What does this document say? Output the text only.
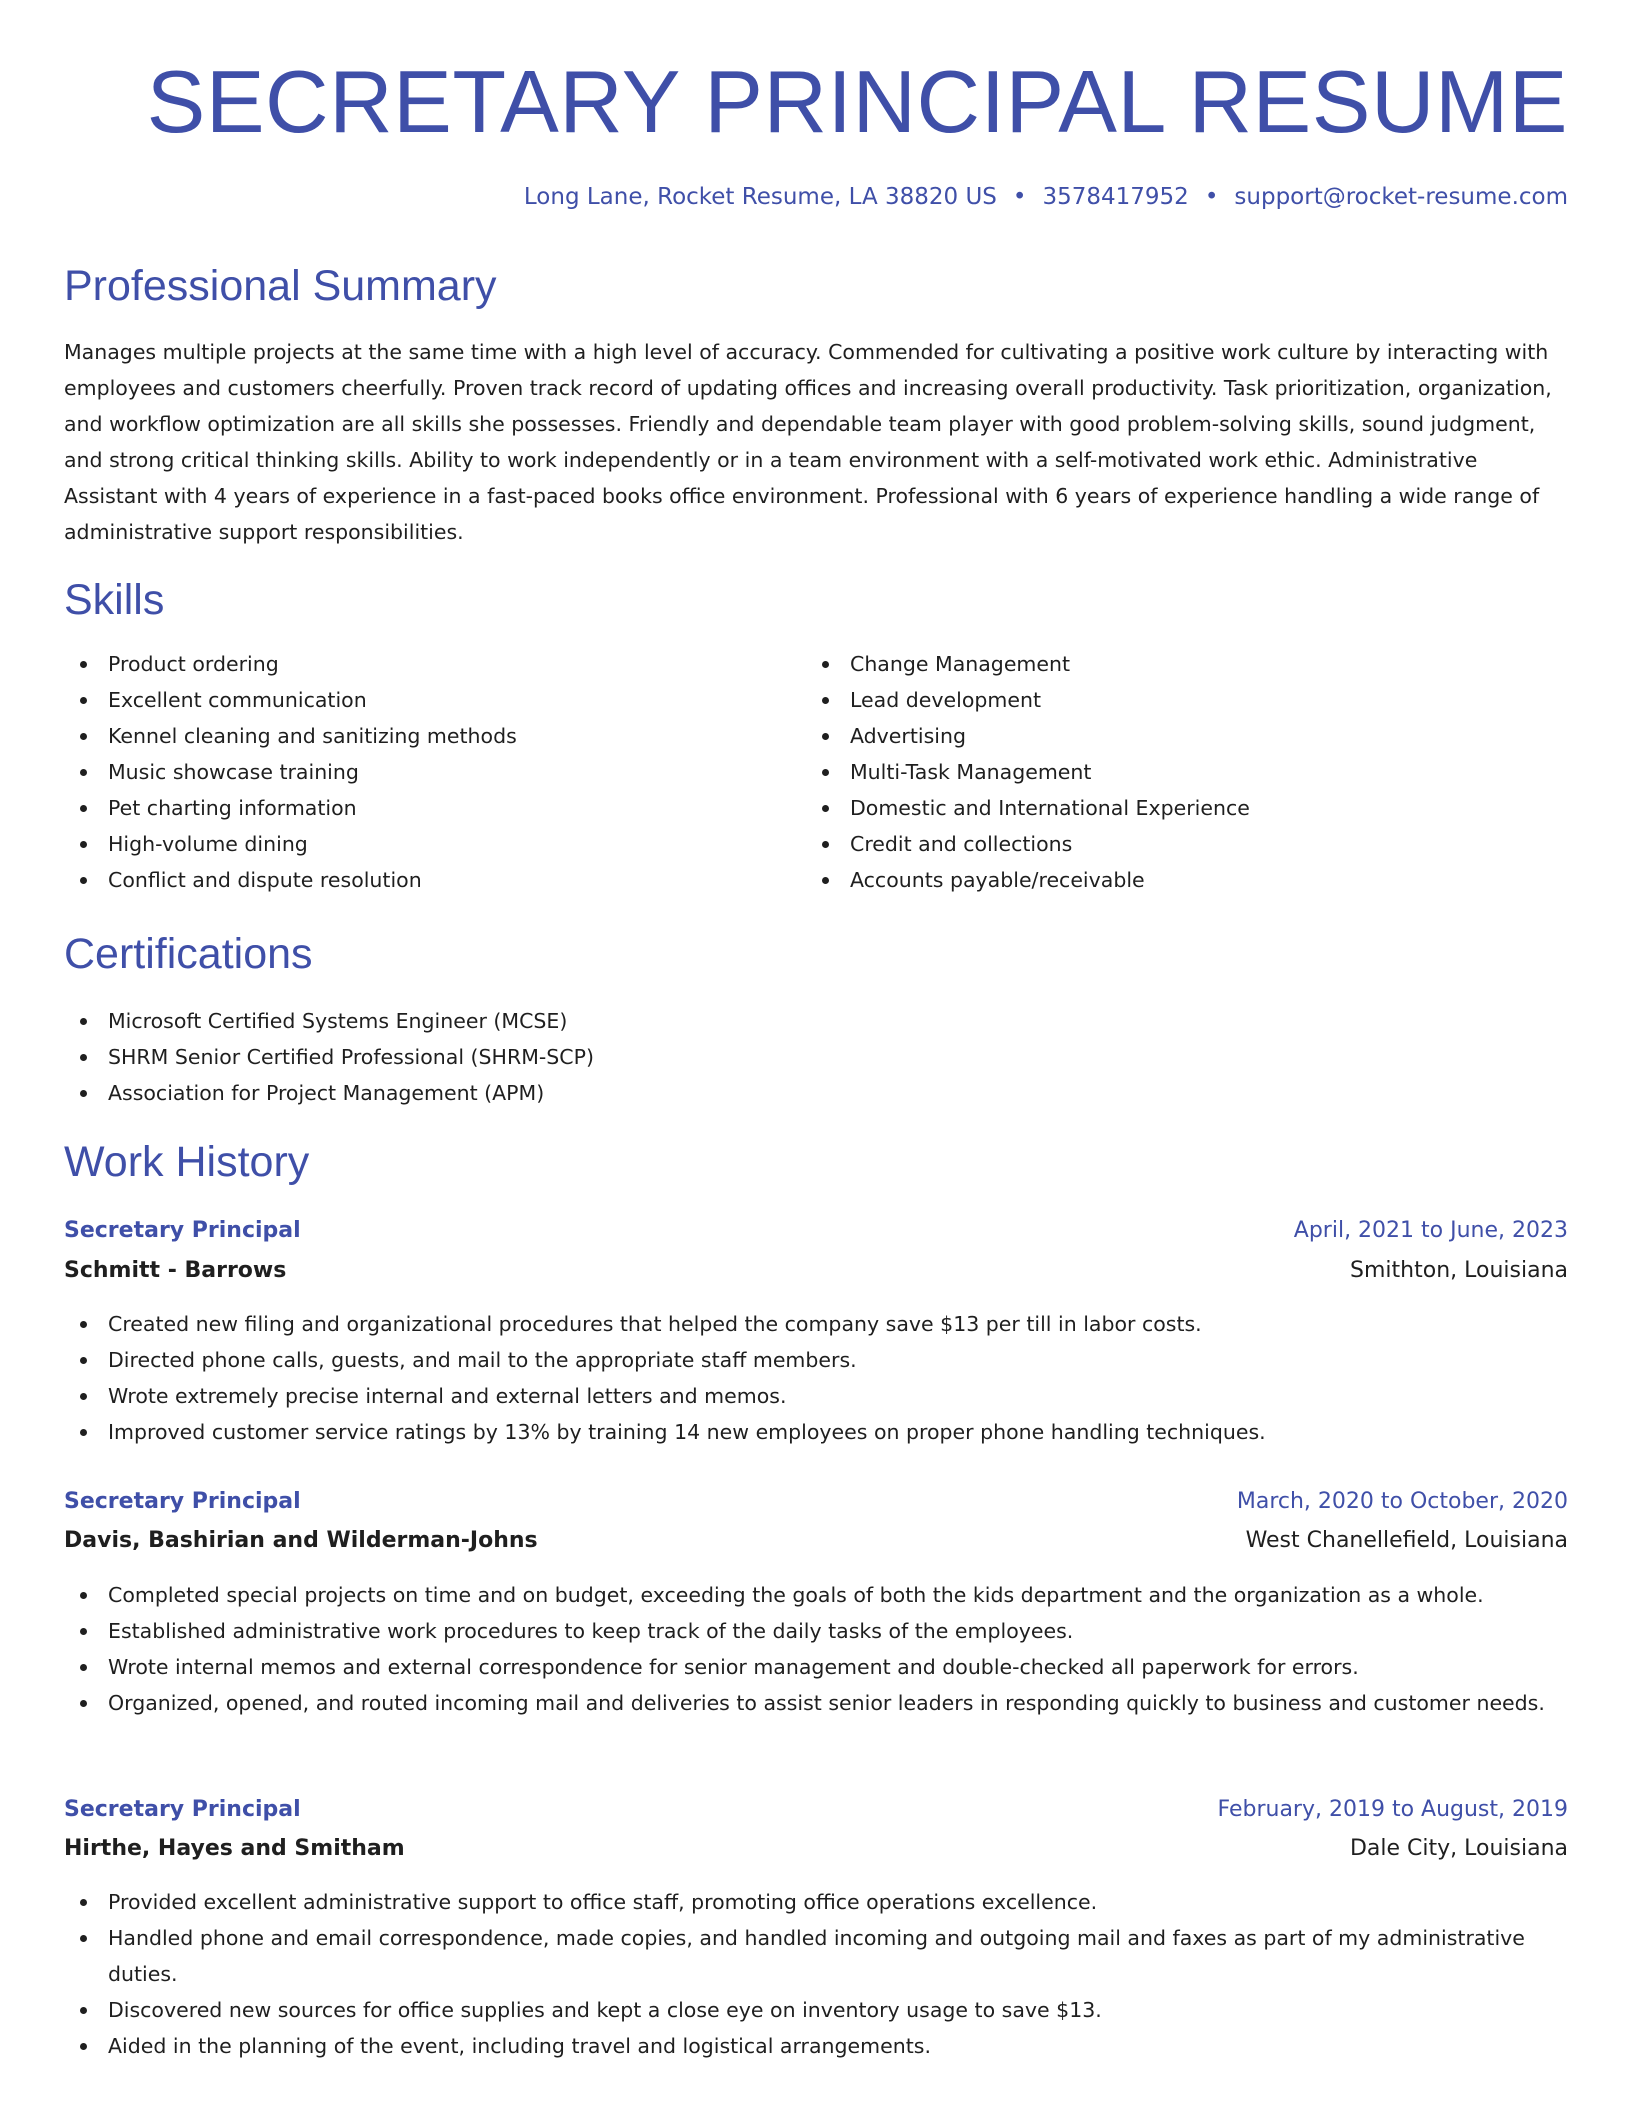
SECRETARY PRINCIPAL RESUME
Long Lane, Rocket Resume, LA 38820 US • 3578417952 • support@rocket-resume.com
Professional Summary
Manages multiple projects at the same time with a high level of accuracy. Commended for cultivating a positive work culture by interacting with employees and customers cheerfully. Proven track record of updating offices and increasing overall productivity. Task prioritization, organization, and workflow optimization are all skills she possesses. Friendly and dependable team player with good problem-solving skills, sound judgment, and strong critical thinking skills. Ability to work independently or in a team environment with a self-motivated work ethic. Administrative Assistant with 4 years of experience in a fast-paced books office environment. Professional with 6 years of experience handling a wide range of administrative support responsibilities.
Skills
Product ordering
Excellent communication
Kennel cleaning and sanitizing methods
Music showcase training
Pet charting information
High-volume dining
Conflict and dispute resolution
Change Management
Lead development
Advertising
Multi-Task Management
Domestic and International Experience
Credit and collections
Accounts payable/receivable
Certifications
Microsoft Certified Systems Engineer (MCSE)
SHRM Senior Certified Professional (SHRM-SCP)
Association for Project Management (APM)
Work History
Secretary Principal	April, 2021 to June, 2023
Schmitt - Barrows	Smithton, Louisiana
Created new filing and organizational procedures that helped the company save $13 per till in labor costs.
Directed phone calls, guests, and mail to the appropriate staff members.
Wrote extremely precise internal and external letters and memos.
Improved customer service ratings by 13% by training 14 new employees on proper phone handling techniques.
Secretary Principal	March, 2020 to October, 2020
Davis, Bashirian and Wilderman-Johns	West Chanellefield, Louisiana
Completed special projects on time and on budget, exceeding the goals of both the kids department and the organization as a whole.
Established administrative work procedures to keep track of the daily tasks of the employees.
Wrote internal memos and external correspondence for senior management and double-checked all paperwork for errors.
Organized, opened, and routed incoming mail and deliveries to assist senior leaders in responding quickly to business and customer needs.
Secretary Principal	February, 2019 to August, 2019
Hirthe, Hayes and Smitham	Dale City, Louisiana
Provided excellent administrative support to office staff, promoting office operations excellence.
Handled phone and email correspondence, made copies, and handled incoming and outgoing mail and faxes as part of my administrative duties.
Discovered new sources for office supplies and kept a close eye on inventory usage to save $13.
Aided in the planning of the event, including travel and logistical arrangements.
